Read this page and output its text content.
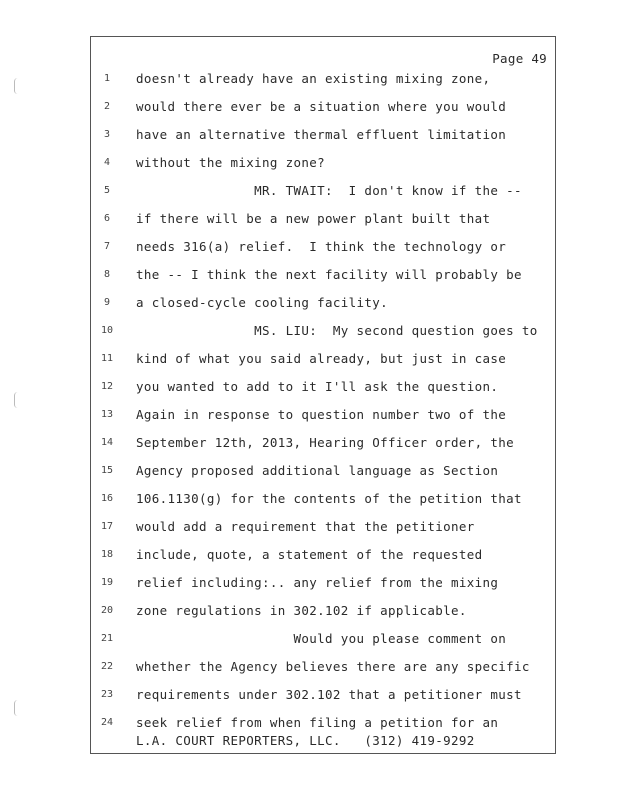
Page 49
1	doesn't already have an existing mixing zone,
2	would there ever be a situation where you would
3	have an alternative thermal effluent limitation
4	without the mixing zone?
5	MR. TWAIT:  I don't know if the --
6	if there will be a new power plant built that
7	needs 316(a) relief.  I think the technology or
8	the -- I think the next facility will probably be
9	a closed-cycle cooling facility.
10	MS. LIU:  My second question goes to
11	kind of what you said already, but just in case
12	you wanted to add to it I'll ask the question.
13	Again in response to question number two of the
14	September 12th, 2013, Hearing Officer order, the
15	Agency proposed additional language as Section
16	106.1130(g) for the contents of the petition that
17	would add a requirement that the petitioner
18	include, quote, a statement of the requested
19	relief including:.. any relief from the mixing
20	zone regulations in 302.102 if applicable.
21	Would you please comment on
22	whether the Agency believes there are any specific
23	requirements under 302.102 that a petitioner must
24	seek relief from when filing a petition for an
L.A. COURT REPORTERS, LLC.   (312) 419-9292
